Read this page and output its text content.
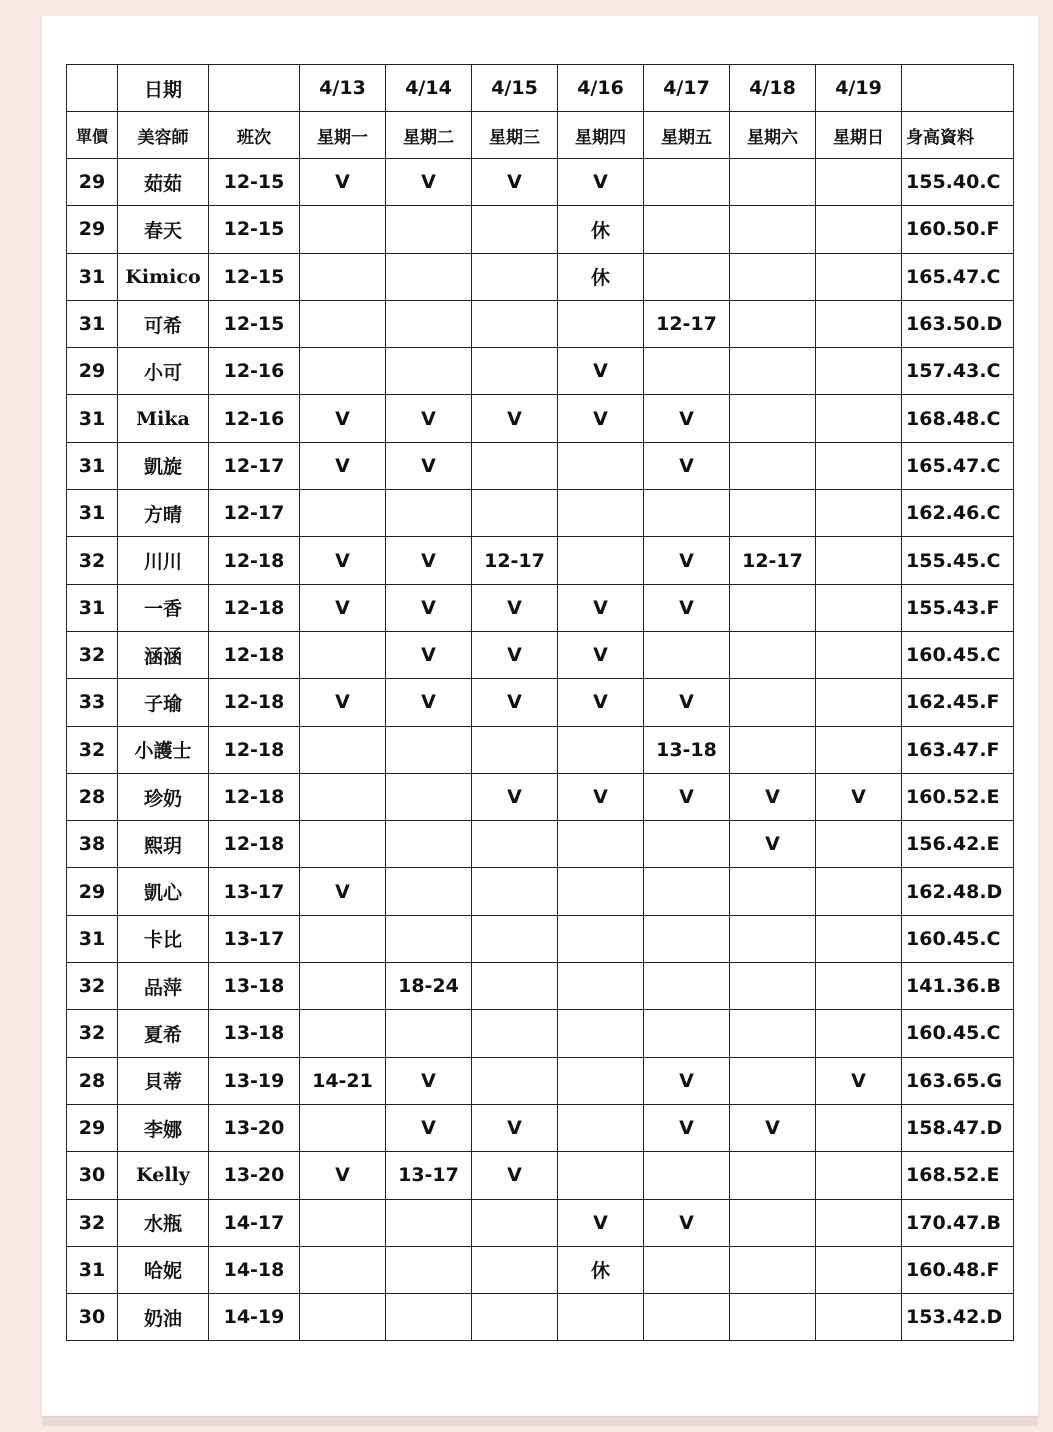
	日期		4/13	4/14	4/15	4/16	4/17	4/18	4/19	
單價	美容師	班次	星期一	星期二	星期三	星期四	星期五	星期六	星期日	身高資料
29	茹茹	12-15	V	V	V	V				155.40.C
29	春天	12-15				休				160.50.F
31	Kimico	12-15				休				165.47.C
31	可希	12-15					12-17			163.50.D
29	小可	12-16				V				157.43.C
31	Mika	12-16	V	V	V	V	V			168.48.C
31	凱旋	12-17	V	V			V			165.47.C
31	方晴	12-17								162.46.C
32	川川	12-18	V	V	12-17		V	12-17		155.45.C
31	一香	12-18	V	V	V	V	V			155.43.F
32	涵涵	12-18		V	V	V				160.45.C
33	子瑜	12-18	V	V	V	V	V			162.45.F
32	小護士	12-18					13-18			163.47.F
28	珍奶	12-18			V	V	V	V	V	160.52.E
38	熙玥	12-18						V		156.42.E
29	凱心	13-17	V							162.48.D
31	卡比	13-17								160.45.C
32	品萍	13-18		18-24						141.36.B
32	夏希	13-18								160.45.C
28	貝蒂	13-19	14-21	V			V		V	163.65.G
29	李娜	13-20		V	V		V	V		158.47.D
30	Kelly	13-20	V	13-17	V					168.52.E
32	水瓶	14-17				V	V			170.47.B
31	哈妮	14-18				休				160.48.F
30	奶油	14-19								153.42.D
